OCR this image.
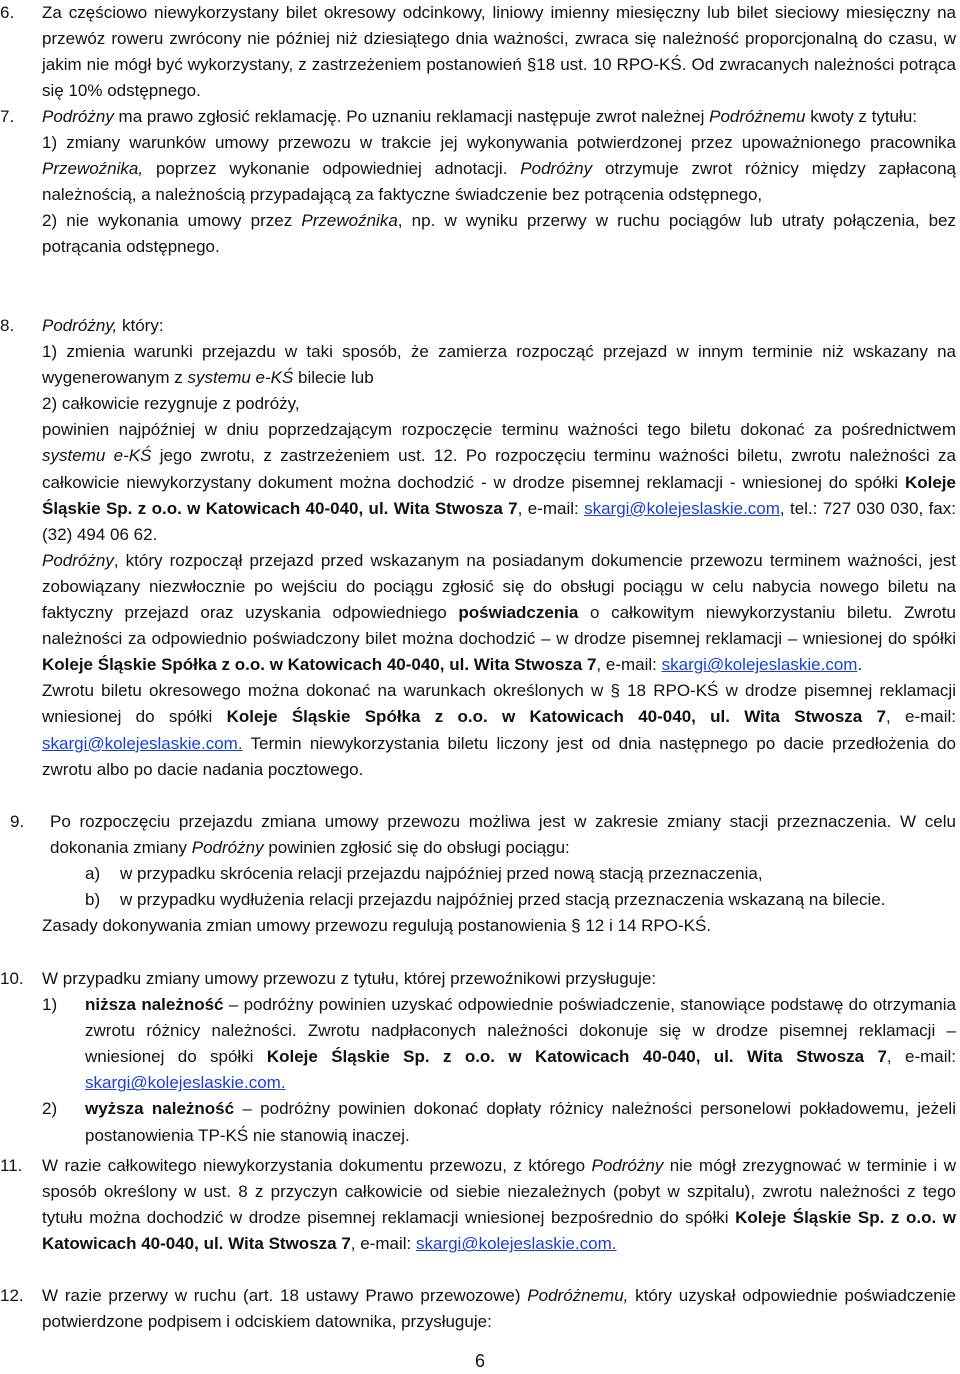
6. Za częściowo niewykorzystany bilet okresowy odcinkowy, liniowy imienny miesięczny lub bilet sieciowy miesięczny na przewóz roweru zwrócony nie później niż dziesiątego dnia ważności, zwraca się należność proporcjonalną do czasu, w jakim nie mógł być wykorzystany, z zastrzeżeniem postanowień §18 ust. 10 RPO-KŚ. Od zwracanych należności potrąca się 10% odstępnego.
7. Podróżny ma prawo zgłosić reklamację. Po uznaniu reklamacji następuje zwrot należnej Podróżnemu kwoty z tytułu:
1) zmiany warunków umowy przewozu w trakcie jej wykonywania potwierdzonej przez upoważnionego pracownika Przewoźnika, poprzez wykonanie odpowiedniej adnotacji. Podróżny otrzymuje zwrot różnicy między zapłaconą należnością, a należnością przypadającą za faktyczne świadczenie bez potrącenia odstępnego,
2) nie wykonania umowy przez Przewoźnika, np. w wyniku przerwy w ruchu pociągów lub utraty połączenia, bez potrącania odstępnego.
8. Podróżny, który:
1) zmienia warunki przejazdu w taki sposób, że zamierza rozpocząć przejazd w innym terminie niż wskazany na wygenerowanym z systemu e-KŚ bilecie lub
2) całkowicie rezygnuje z podróży,
powinien najpóźniej w dniu poprzedzającym rozpoczęcie terminu ważności tego biletu dokonać za pośrednictwem systemu e-KŚ jego zwrotu, z zastrzeżeniem ust. 12. Po rozpoczęciu terminu ważności biletu, zwrotu należności za całkowicie niewykorzystany dokument można dochodzić - w drodze pisemnej reklamacji - wniesionej do spółki Koleje Śląskie Sp. z o.o. w Katowicach 40-040, ul. Wita Stwosza 7, e-mail: skargi@kolejeslaskie.com, tel.: 727 030 030, fax: (32) 494 06 62.
Podróżny, który rozpoczął przejazd przed wskazanym na posiadanym dokumencie przewozu terminem ważności, jest zobowiązany niezwłocznie po wejściu do pociągu zgłosić się do obsługi pociągu w celu nabycia nowego biletu na faktyczny przejazd oraz uzyskania odpowiedniego poświadczenia o całkowitym niewykorzystaniu biletu. Zwrotu należności za odpowiednio poświadczony bilet można dochodzić – w drodze pisemnej reklamacji – wniesionej do spółki Koleje Śląskie Spółka z o.o. w Katowicach 40-040, ul. Wita Stwosza 7, e-mail: skargi@kolejeslaskie.com.
Zwrotu biletu okresowego można dokonać na warunkach określonych w § 18 RPO-KŚ w drodze pisemnej reklamacji wniesionej do spółki Koleje Śląskie Spółka z o.o. w Katowicach 40-040, ul. Wita Stwosza 7, e-mail: skargi@kolejeslaskie.com. Termin niewykorzystania biletu liczony jest od dnia następnego po dacie przedłożenia do zwrotu albo po dacie nadania pocztowego.
9. Po rozpoczęciu przejazdu zmiana umowy przewozu możliwa jest w zakresie zmiany stacji przeznaczenia. W celu dokonania zmiany Podróżny powinien zgłosić się do obsługi pociągu:
a) w przypadku skrócenia relacji przejazdu najpóźniej przed nową stacją przeznaczenia,
b) w przypadku wydłużenia relacji przejazdu najpóźniej przed stacją przeznaczenia wskazaną na bilecie.
Zasady dokonywania zmian umowy przewozu regulują postanowienia § 12 i 14 RPO-KŚ.
10. W przypadku zmiany umowy przewozu z tytułu, której przewoźnikowi przysługuje:
1) niższa należność – podróżny powinien uzyskać odpowiednie poświadczenie, stanowiące podstawę do otrzymania zwrotu różnicy należności. Zwrotu nadpłaconych należności dokonuje się w drodze pisemnej reklamacji – wniesionej do spółki Koleje Śląskie Sp. z o.o. w Katowicach 40-040, ul. Wita Stwosza 7, e-mail: skargi@kolejeslaskie.com.
2) wyższa należność – podróżny powinien dokonać dopłaty różnicy należności personelowi pokładowemu, jeżeli postanowienia TP-KŚ nie stanowią inaczej.
11. W razie całkowitego niewykorzystania dokumentu przewozu, z którego Podróżny nie mógł zrezygnować w terminie i w sposób określony w ust. 8 z przyczyn całkowicie od siebie niezależnych (pobyt w szpitalu), zwrotu należności z tego tytułu można dochodzić w drodze pisemnej reklamacji wniesionej bezpośrednio do spółki Koleje Śląskie Sp. z o.o. w Katowicach 40-040, ul. Wita Stwosza 7, e-mail: skargi@kolejeslaskie.com.
12. W razie przerwy w ruchu (art. 18 ustawy Prawo przewozowe) Podróżnemu, który uzyskał odpowiednie poświadczenie potwierdzone podpisem i odciskiem datownika, przysługuje:
6
